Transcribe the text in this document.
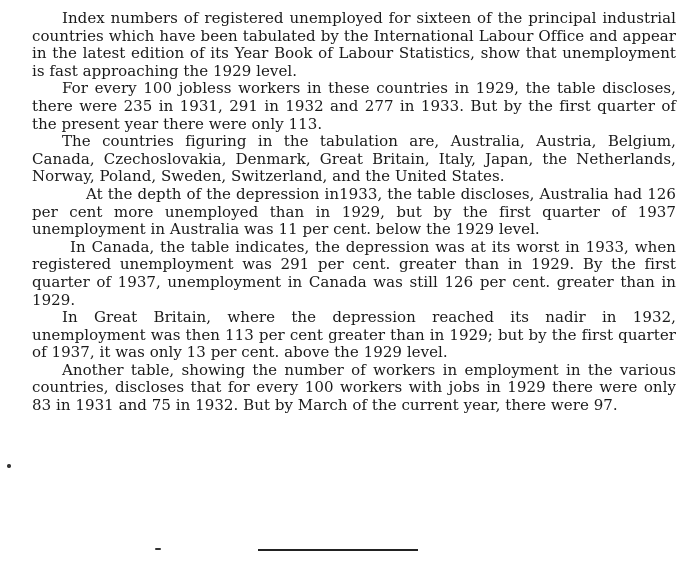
Index numbers of registered unemployed for sixteen of the principal industrial countries which have been tabulated by the International Labour Office and appear in the latest edition of its Year Book of Labour Statistics, show that unemployment is fast approaching the 1929 level.

For every 100 jobless workers in these countries in 1929, the table discloses, there were 235 in 1931, 291 in 1932 and 277 in 1933. But by the first quarter of the present year there were only 113.

The countries figuring in the tabulation are, Australia, Austria, Belgium, Canada, Czechoslovakia, Denmark, Great Britain, Italy, Japan, the Netherlands, Norway, Poland, Sweden, Switzerland, and the United States.

At the depth of the depression in1933, the table discloses, Australia had 126 per cent more unemployed than in 1929, but by the first quarter of 1937 unemployment in Australia was 11 per cent. below the 1929 level.

In Canada, the table indicates, the depression was at its worst in 1933, when registered unemployment was 291 per cent. greater than in 1929. By the first quarter of 1937, unemployment in Canada was still 126 per cent. greater than in 1929.

In Great Britain, where the depression reached its nadir in 1932, unemployment was then 113 per cent greater than in 1929; but by the first quarter of 1937, it was only 13 per cent. above the 1929 level.

Another table, showing the number of workers in employment in the various countries, discloses that for every 100 workers with jobs in 1929 there were only 83 in 1931 and 75 in 1932. But by March of the current year, there were 97.
